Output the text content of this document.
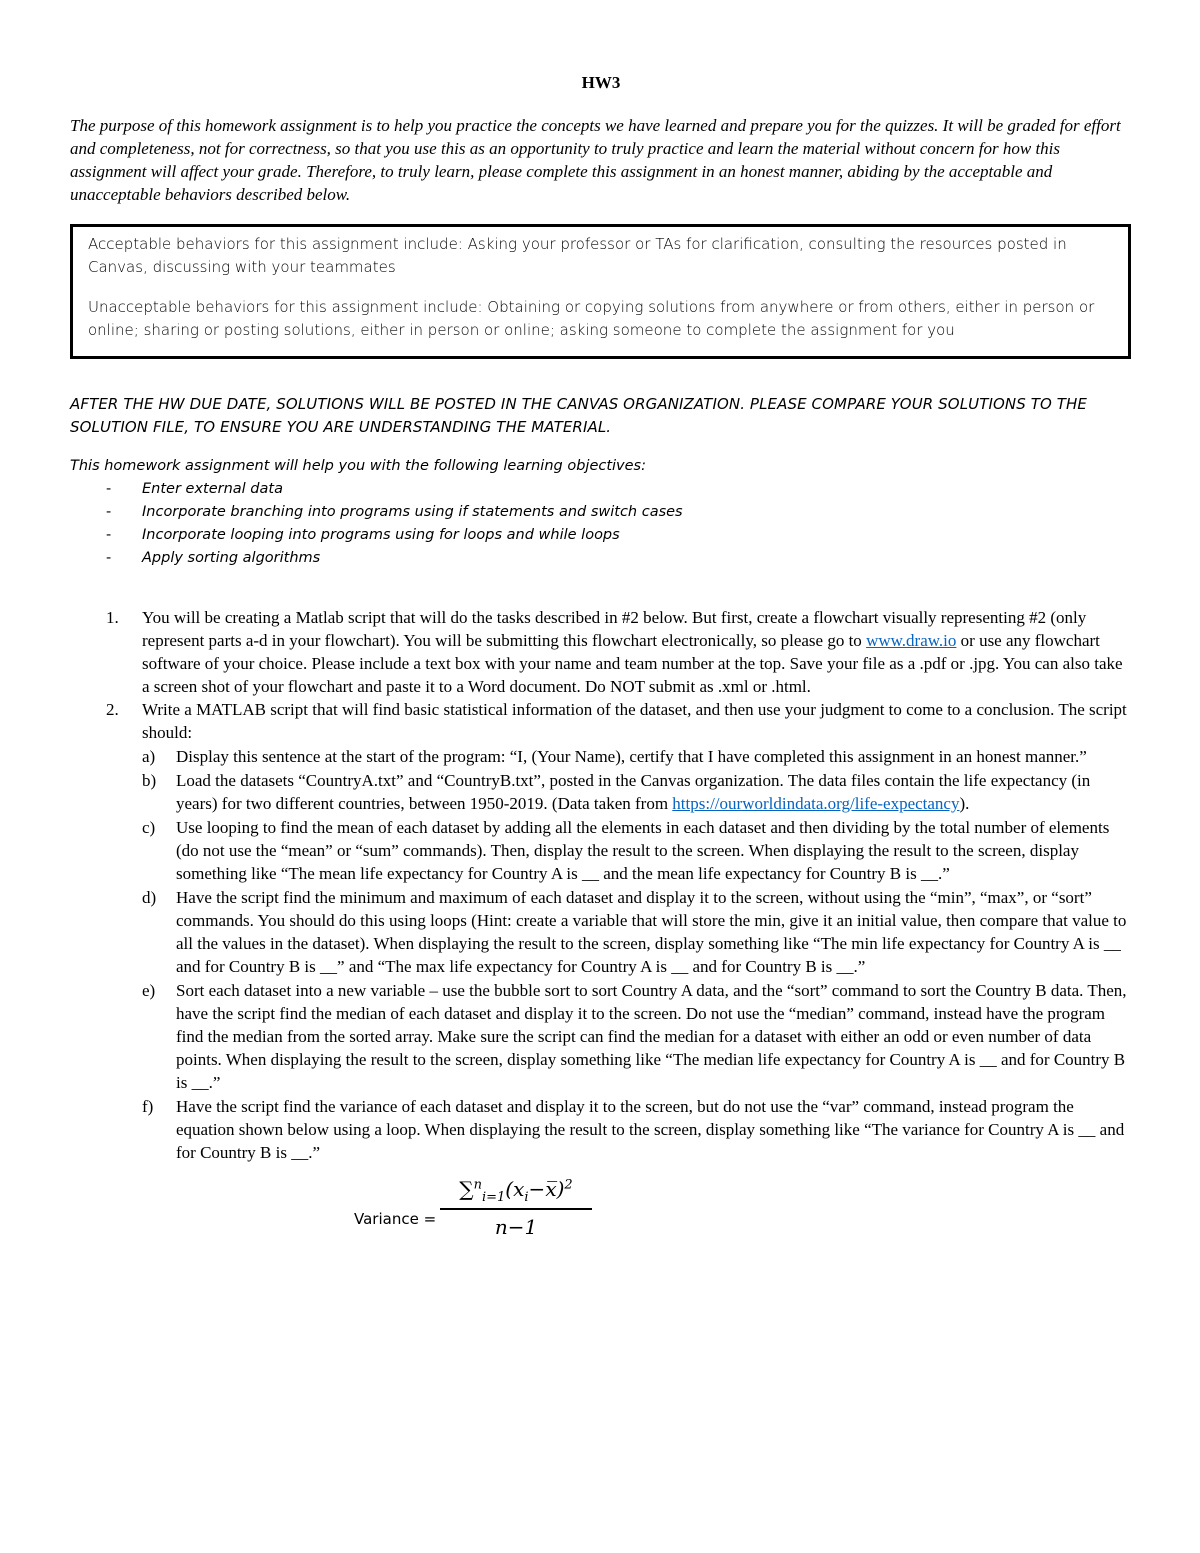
HW3

The purpose of this homework assignment is to help you practice the concepts we have learned and prepare you for the quizzes. It will be graded for effort and completeness, not for correctness, so that you use this as an opportunity to truly practice and learn the material without concern for how this assignment will affect your grade. Therefore, to truly learn, please complete this assignment in an honest manner, abiding by the acceptable and unacceptable behaviors described below.

Acceptable behaviors for this assignment include: Asking your professor or TAs for clarification, consulting the resources posted in Canvas, discussing with your teammates

Unacceptable behaviors for this assignment include: Obtaining or copying solutions from anywhere or from others, either in person or online; sharing or posting solutions, either in person or online; asking someone to complete the assignment for you

AFTER THE HW DUE DATE, SOLUTIONS WILL BE POSTED IN THE CANVAS ORGANIZATION. PLEASE COMPARE YOUR SOLUTIONS TO THE SOLUTION FILE, TO ENSURE YOU ARE UNDERSTANDING THE MATERIAL.

This homework assignment will help you with the following learning objectives:

- Enter external data
- Incorporate branching into programs using if statements and switch cases
- Incorporate looping into programs using for loops and while loops
- Apply sorting algorithms
1. You will be creating a Matlab script that will do the tasks described in #2 below. But first, create a flowchart visually representing #2 (only represent parts a-d in your flowchart). You will be submitting this flowchart electronically, so please go to www.draw.io or use any flowchart software of your choice. Please include a text box with your name and team number at the top. Save your file as a .pdf or .jpg. You can also take a screen shot of your flowchart and paste it to a Word document. Do NOT submit as .xml or .html.
2. Write a MATLAB script that will find basic statistical information of the dataset, and then use your judgment to come to a conclusion. The script should:
a) Display this sentence at the start of the program: “I, (Your Name), certify that I have completed this assignment in an honest manner.”
b) Load the datasets “CountryA.txt” and “CountryB.txt”, posted in the Canvas organization. The data files contain the life expectancy (in years) for two different countries, between 1950-2019. (Data taken from https://ourworldindata.org/life-expectancy).
c) Use looping to find the mean of each dataset by adding all the elements in each dataset and then dividing by the total number of elements (do not use the “mean” or “sum” commands). Then, display the result to the screen. When displaying the result to the screen, display something like “The mean life expectancy for Country A is __ and the mean life expectancy for Country B is __.”
d) Have the script find the minimum and maximum of each dataset and display it to the screen, without using the “min”, “max”, or “sort” commands. You should do this using loops (Hint: create a variable that will store the min, give it an initial value, then compare that value to all the values in the dataset). When displaying the result to the screen, display something like “The min life expectancy for Country A is __ and for Country B is __” and “The max life expectancy for Country A is __ and for Country B is __.”
e) Sort each dataset into a new variable – use the bubble sort to sort Country A data, and the “sort” command to sort the Country B data. Then, have the script find the median of each dataset and display it to the screen. Do not use the “median” command, instead have the program find the median from the sorted array. Make sure the script can find the median for a dataset with either an odd or even number of data points. When displaying the result to the screen, display something like “The median life expectancy for Country A is __ and for Country B is __.”
f) Have the script find the variance of each dataset and display it to the screen, but do not use the “var” command, instead program the equation shown below using a loop. When displaying the result to the screen, display something like “The variance for Country A is __ and for Country B is __.”
Variance = $\frac{\sum^n_{i=1}(x_i-x̅)^2}{n-1}$
